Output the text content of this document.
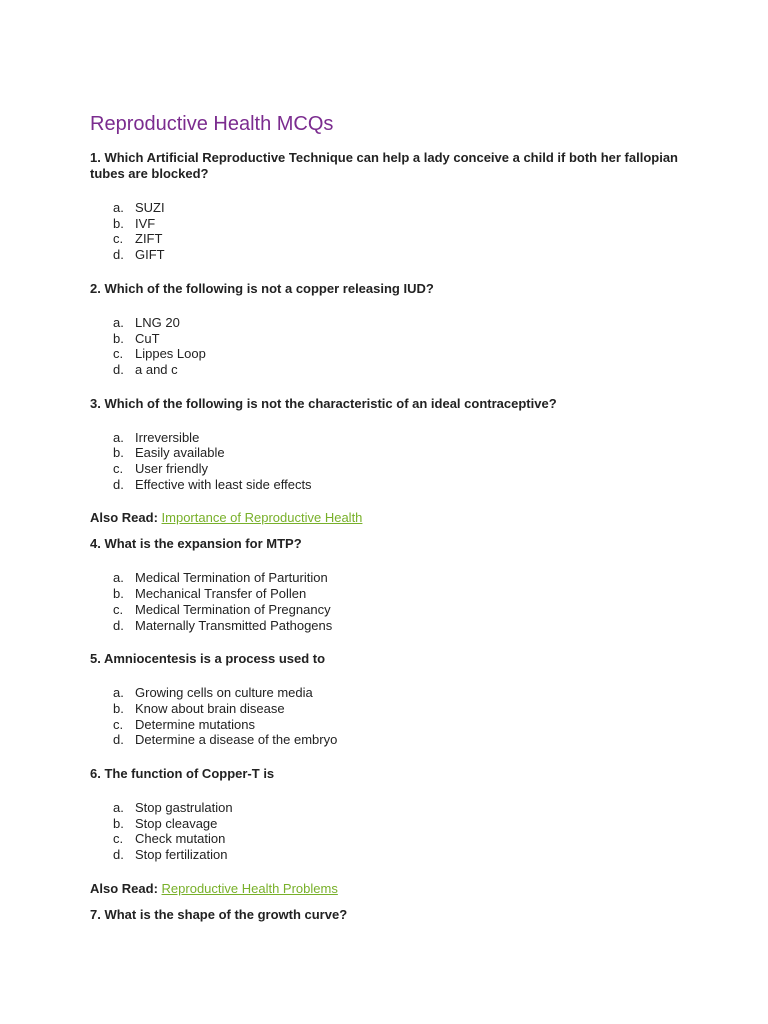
Reproductive Health MCQs

1. Which Artificial Reproductive Technique can help a lady conceive a child if both her fallopian tubes are blocked?

a. SUZI
b. IVF
c. ZIFT
d. GIFT

2. Which of the following is not a copper releasing IUD?

a. LNG 20
b. CuT
c. Lippes Loop
d. a and c

3. Which of the following is not the characteristic of an ideal contraceptive?

a. Irreversible
b. Easily available
c. User friendly
d. Effective with least side effects

Also Read: Importance of Reproductive Health

4. What is the expansion for MTP?

a. Medical Termination of Parturition
b. Mechanical Transfer of Pollen
c. Medical Termination of Pregnancy
d. Maternally Transmitted Pathogens

5. Amniocentesis is a process used to

a. Growing cells on culture media
b. Know about brain disease
c. Determine mutations
d. Determine a disease of the embryo

6. The function of Copper-T is

a. Stop gastrulation
b. Stop cleavage
c. Check mutation
d. Stop fertilization

Also Read: Reproductive Health Problems

7. What is the shape of the growth curve?
